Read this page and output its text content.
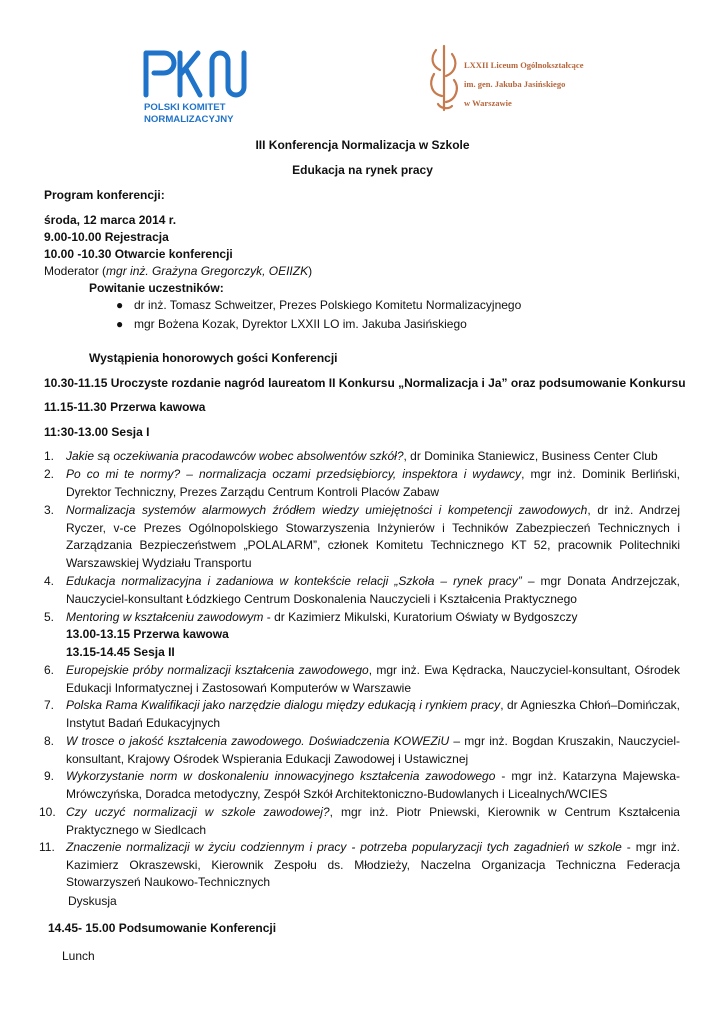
POLSKI KOMITET
NORMALIZACYJNY
LXXII Liceum Ogólnokształcące
im. gen. Jakuba Jasińskiego
w Warszawie
III Konferencja Normalizacja w Szkole
Edukacja na rynek pracy
Program konferencji:
środa, 12 marca 2014 r.
9.00-10.00 Rejestracja
10.00 -10.30 Otwarcie konferencji
Moderator (mgr inż. Grażyna Gregorczyk, OEIIZK)
Powitanie uczestników:
● dr inż. Tomasz Schweitzer, Prezes Polskiego Komitetu Normalizacyjnego
● mgr Bożena Kozak, Dyrektor LXXII LO im. Jakuba Jasińskiego
Wystąpienia honorowych gości Konferencji
10.30-11.15 Uroczyste rozdanie nagród laureatom II Konkursu „Normalizacja i Ja” oraz podsumowanie Konkursu
11.15-11.30 Przerwa kawowa
11:30-13.00 Sesja I
1. Jakie są oczekiwania pracodawców wobec absolwentów szkół?, dr Dominika Staniewicz, Business Center Club
2. Po co mi te normy? – normalizacja oczami przedsiębiorcy, inspektora i wydawcy, mgr inż. Dominik Berliński, Dyrektor Techniczny, Prezes Zarządu Centrum Kontroli Placów Zabaw
3. Normalizacja systemów alarmowych źródłem wiedzy umiejętności i kompetencji zawodowych, dr inż. Andrzej Ryczer, v-ce Prezes Ogólnopolskiego Stowarzyszenia Inżynierów i Techników Zabezpieczeń Technicznych i Zarządzania Bezpieczeństwem „POLALARM”, członek Komitetu Technicznego KT 52, pracownik Politechniki Warszawskiej Wydziału Transportu
4. Edukacja normalizacyjna i zadaniowa w kontekście relacji „Szkoła – rynek pracy” – mgr Donata Andrzejczak, Nauczyciel-konsultant Łódzkiego Centrum Doskonalenia Nauczycieli i Kształcenia Praktycznego
5. Mentoring w kształceniu zawodowym - dr Kazimierz Mikulski, Kuratorium Oświaty w Bydgoszczy
13.00-13.15 Przerwa kawowa
13.15-14.45 Sesja II
6. Europejskie próby normalizacji kształcenia zawodowego, mgr inż. Ewa Kędracka, Nauczyciel-konsultant, Ośrodek Edukacji Informatycznej i Zastosowań Komputerów w Warszawie
7. Polska Rama Kwalifikacji jako narzędzie dialogu między edukacją i rynkiem pracy, dr Agnieszka Chłoń–Domińczak, Instytut Badań Edukacyjnych
8. W trosce o jakość kształcenia zawodowego. Doświadczenia KOWEZiU – mgr inż. Bogdan Kruszakin, Nauczyciel-konsultant, Krajowy Ośrodek Wspierania Edukacji Zawodowej i Ustawicznej
9. Wykorzystanie norm w doskonaleniu innowacyjnego kształcenia zawodowego - mgr inż. Katarzyna Majewska-Mrówczyńska, Doradca metodyczny, Zespół Szkół Architektoniczno-Budowlanych i Licealnych/WCIES
10. Czy uczyć normalizacji w szkole zawodowej?, mgr inż. Piotr Pniewski, Kierownik w Centrum Kształcenia Praktycznego w Siedlcach
11. Znaczenie normalizacji w życiu codziennym i pracy - potrzeba popularyzacji tych zagadnień w szkole - mgr inż. Kazimierz Okraszewski, Kierownik Zespołu ds. Młodzieży, Naczelna Organizacja Techniczna Federacja Stowarzyszeń Naukowo-Technicznych
Dyskusja
14.45- 15.00 Podsumowanie Konferencji
Lunch
